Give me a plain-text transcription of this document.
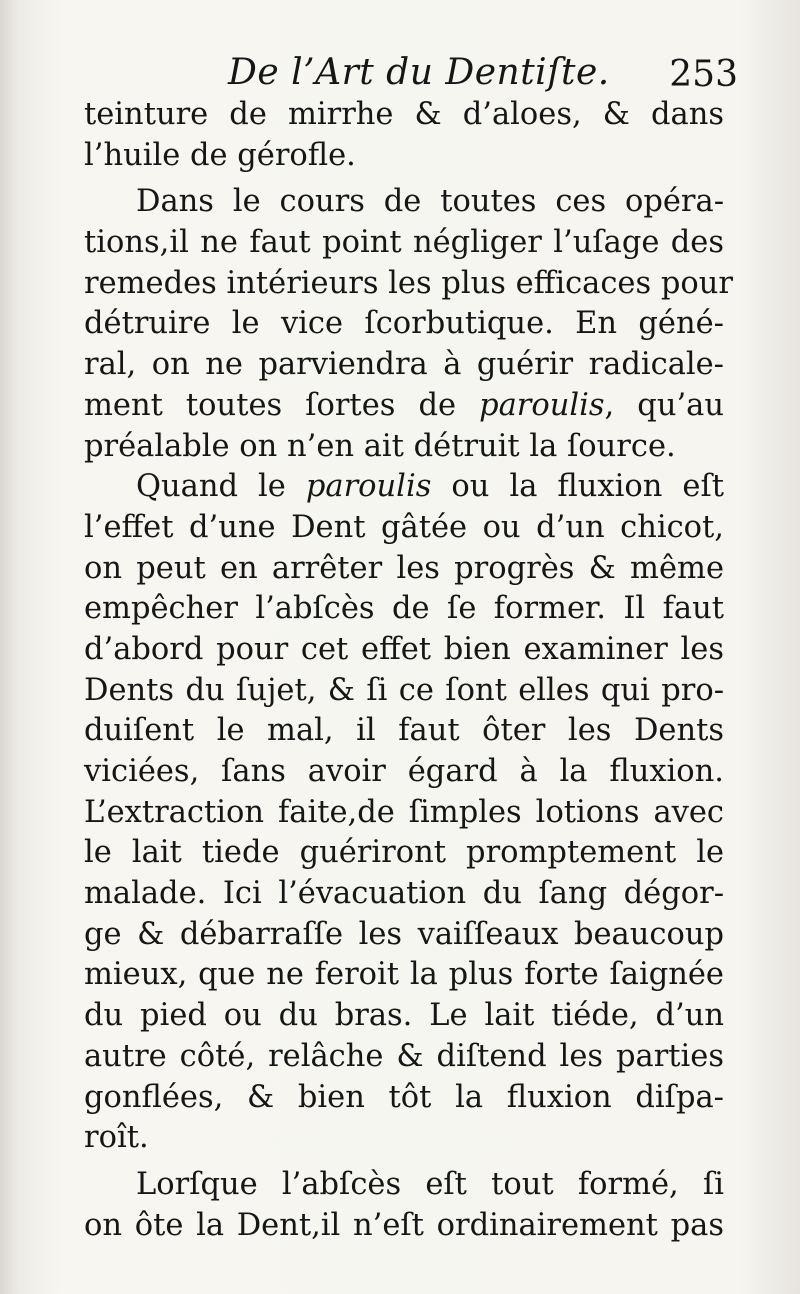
De l’Art du Dentiſte. 253
teinture de mirrhe & d’aloes, & dans
l’huile de gérofle.
Dans le cours de toutes ces opéra-
tions,il ne faut point négliger l’uſage des
remedes intérieurs les plus efficaces pour
détruire le vice ſcorbutique. En géné-
ral, on ne parviendra à guérir radicale-
ment toutes ſortes de paroulis, qu’au
préalable on n’en ait détruit la ſource.
Quand le paroulis ou la fluxion eſt
l’effet d’une Dent gâtée ou d’un chicot,
on peut en arrêter les progrès & même
empêcher l’abſcès de ſe former. Il faut
d’abord pour cet effet bien examiner les
Dents du ſujet, & ſi ce ſont elles qui pro-
duiſent le mal, il faut ôter les Dents
viciées, ſans avoir égard à la fluxion.
L’extraction faite,de ſimples lotions avec
le lait tiede guériront promptement le
malade. Ici l’évacuation du ſang dégor-
ge & débarraſſe les vaiſſeaux beaucoup
mieux, que ne feroit la plus forte ſaignée
du pied ou du bras. Le lait tiéde, d’un
autre côté, relâche & diſtend les parties
gonflées, & bien tôt la fluxion diſpa-
roît.
Lorſque l’abſcès eſt tout formé, ſi
on ôte la Dent,il n’eſt ordinairement pas
